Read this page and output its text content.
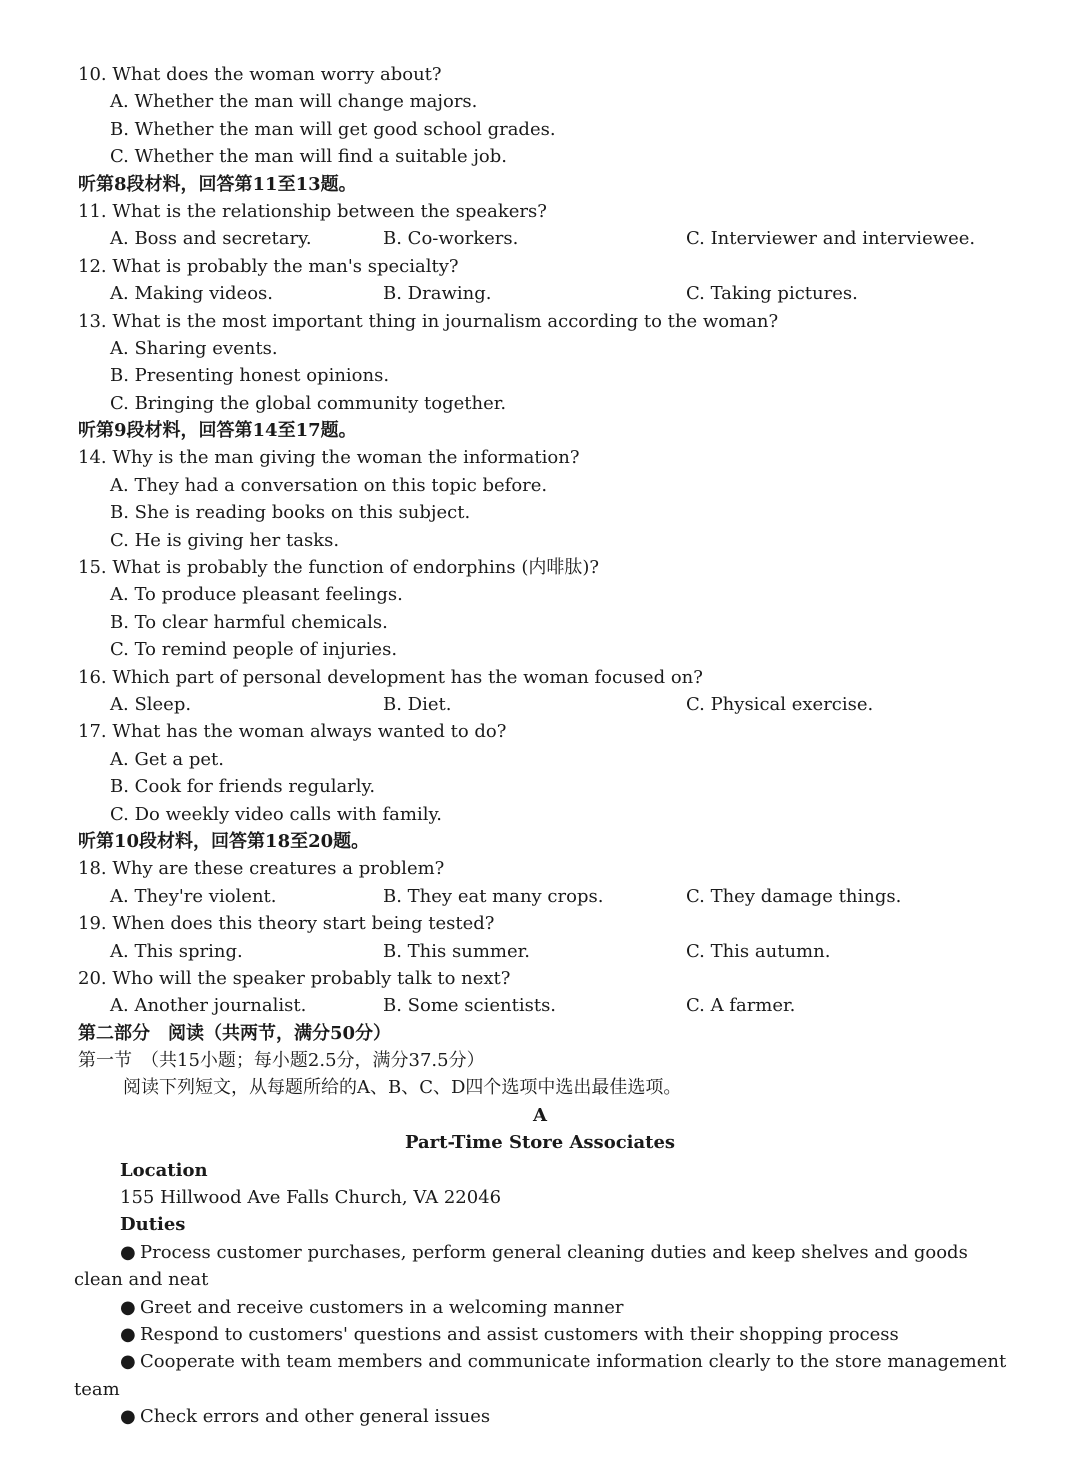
10. What does the woman worry about?
A. Whether the man will change majors.
B. Whether the man will get good school grades.
C. Whether the man will find a suitable job.
听第8段材料，回答第11至13题。
11. What is the relationship between the speakers?
A. Boss and secretary.	B. Co-workers.	C. Interviewer and interviewee.
12. What is probably the man's specialty?
A. Making videos.	B. Drawing.	C. Taking pictures.
13. What is the most important thing in journalism according to the woman?
A. Sharing events.
B. Presenting honest opinions.
C. Bringing the global community together.
听第9段材料，回答第14至17题。
14. Why is the man giving the woman the information?
A. They had a conversation on this topic before.
B. She is reading books on this subject.
C. He is giving her tasks.
15. What is probably the function of endorphins (内啡肽)?
A. To produce pleasant feelings.
B. To clear harmful chemicals.
C. To remind people of injuries.
16. Which part of personal development has the woman focused on?
A. Sleep.	B. Diet.	C. Physical exercise.
17. What has the woman always wanted to do?
A. Get a pet.
B. Cook for friends regularly.
C. Do weekly video calls with family.
听第10段材料，回答第18至20题。
18. Why are these creatures a problem?
A. They're violent.	B. They eat many crops.	C. They damage things.
19. When does this theory start being tested?
A. This spring.	B. This summer.	C. This autumn.
20. Who will the speaker probably talk to next?
A. Another journalist.	B. Some scientists.	C. A farmer.
第二部分　阅读（共两节，满分50分）
第一节　（共15小题；每小题2.5分，满分37.5分）
阅读下列短文，从每题所给的A、B、C、D四个选项中选出最佳选项。
A
Part-Time Store Associates
Location
155 Hillwood Ave Falls Church, VA 22046
Duties
● Process customer purchases, perform general cleaning duties and keep shelves and goods
clean and neat
● Greet and receive customers in a welcoming manner
● Respond to customers' questions and assist customers with their shopping process
● Cooperate with team members and communicate information clearly to the store management
team
● Check errors and other general issues
